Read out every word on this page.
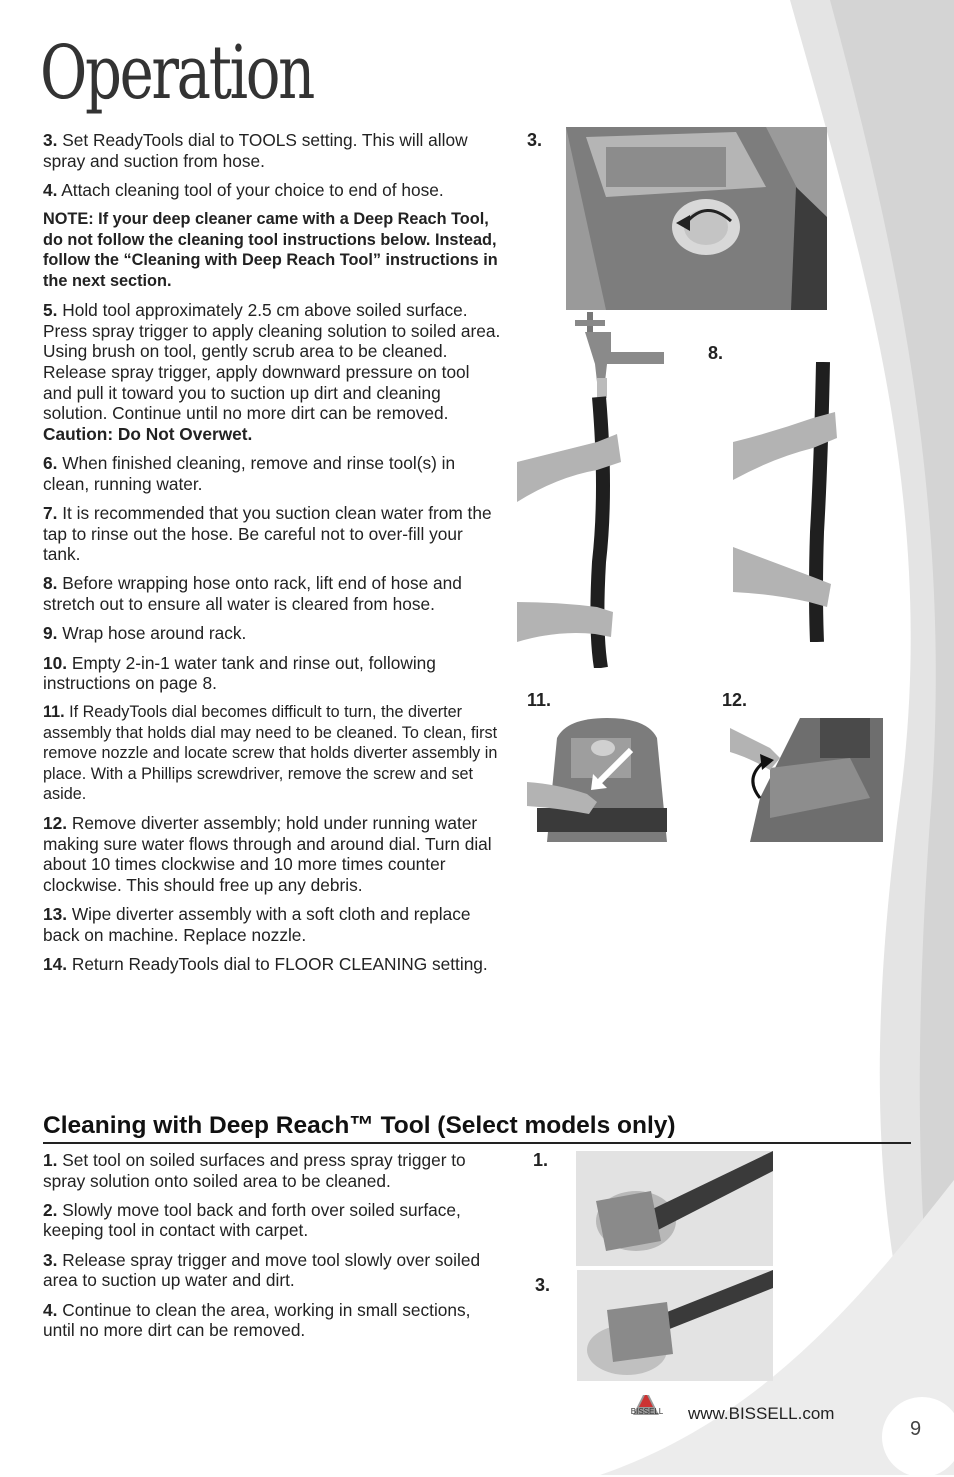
Operation

3. Set ReadyTools dial to TOOLS setting. This will allow spray and suction from hose.

4. Attach cleaning tool of your choice to end of hose.

NOTE: If your deep cleaner came with a Deep Reach Tool, do not follow the cleaning tool instructions below. Instead, follow the “Cleaning with Deep Reach Tool” instructions in the next section.

5. Hold tool approximately 2.5 cm above soiled surface. Press spray trigger to apply cleaning solution to soiled area. Using brush on tool, gently scrub area to be cleaned. Release spray trigger, apply downward pressure on tool and pull it toward you to suction up dirt and cleaning solution. Continue until no more dirt can be removed. Caution: Do Not Overwet.

6. When finished cleaning, remove and rinse tool(s) in clean, running water.

7. It is recommended that you suction clean water from the tap to rinse out the hose. Be careful not to over-fill your tank.

8. Before wrapping hose onto rack, lift end of hose and stretch out to ensure all water is cleared from hose.

9. Wrap hose around rack.

10. Empty 2-in-1 water tank and rinse out, following instructions on page 8.

11. If ReadyTools dial becomes difficult to turn, the diverter assembly that holds dial may need to be cleaned. To clean, first remove nozzle and locate screw that holds diverter assembly in place. With a Phillips screwdriver, remove the screw and set aside.

12. Remove diverter assembly; hold under running water making sure water flows through and around dial. Turn dial about 10 times clockwise and 10 more times counter clockwise. This should free up any debris.

13. Wipe diverter assembly with a soft cloth and replace back on machine. Replace nozzle.

14. Return ReadyTools dial to FLOOR CLEANING setting.

3.
8.
11.	12.
1.
3.
Cleaning with Deep Reach™ Tool (Select models only)

1. Set tool on soiled surfaces and press spray trigger to spray solution onto soiled area to be cleaned.

2. Slowly move tool back and forth over soiled surface, keeping tool in contact with carpet.

3. Release spray trigger and move tool slowly over soiled area to suction up water and dirt.

4. Continue to clean the area, working in small sections, until no more dirt can be removed.

BISSELL www.BISSELL.com
9
